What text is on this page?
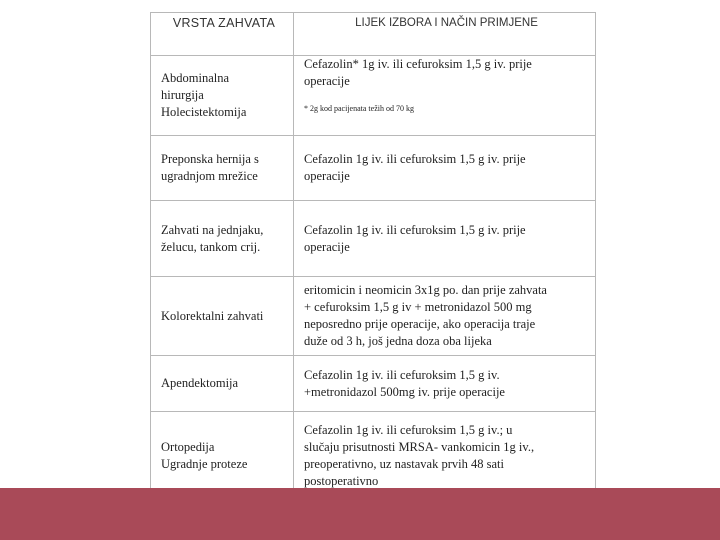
VRSTA ZAHVATA	LIJEK IZBORA I NAČIN PRIMJENE
Abdominalna
hirurgija
Holecistektomija	Cefazolin* 1g iv. ili cefuroksim 1,5 g iv. prije
operacije
* 2g kod pacijenata težih od 70 kg

Preponska hernija s
ugradnjom mrežice	Cefazolin 1g iv. ili cefuroksim 1,5 g iv. prije
operacije
Zahvati na jednjaku,
želucu, tankom crij.	Cefazolin 1g iv. ili cefuroksim 1,5 g iv. prije
operacije
Kolorektalni zahvati	eritomicin i neomicin 3x1g po. dan prije zahvata
+ cefuroksim 1,5 g iv + metronidazol 500 mg
neposredno prije operacije, ako operacija traje
duže od 3 h, još jedna doza oba lijeka
Apendektomija	Cefazolin 1g iv. ili cefuroksim 1,5 g iv.
+metronidazol 500mg iv. prije operacije
Ortopedija
Ugradnje proteze	Cefazolin 1g iv. ili cefuroksim 1,5 g iv.; u
slučaju prisutnosti MRSA- vankomicin 1g iv.,
preoperativno, uz nastavak prvih 48 sati
postoperativno
